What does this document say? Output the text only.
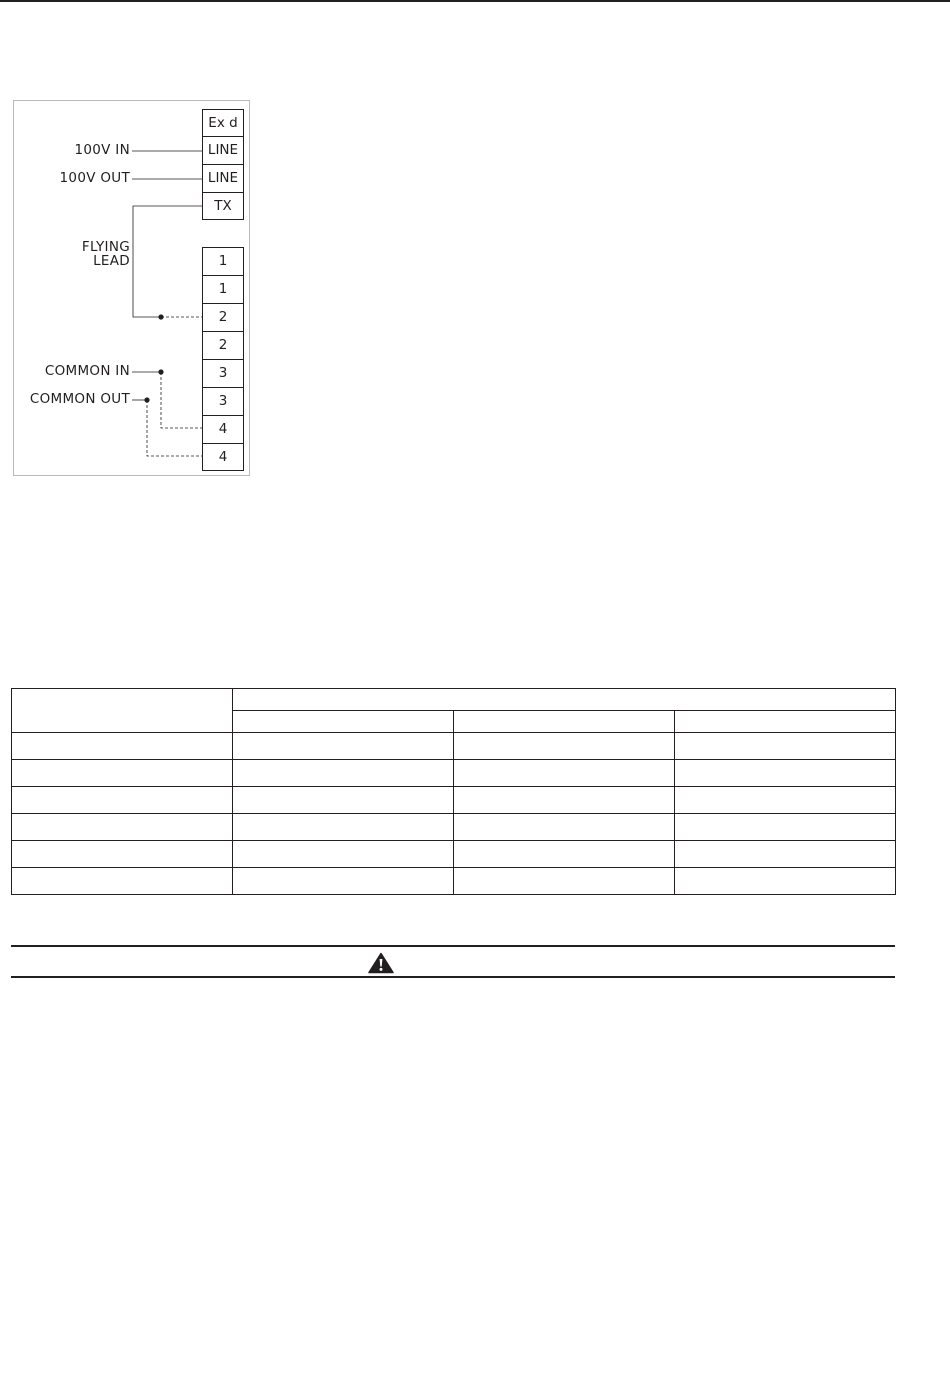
Ex d
LINE
LINE
TX
1
1
2
2
3
3
4
4
100V IN
100V OUT
FLYING
LEAD
COMMON IN
COMMON OUT
